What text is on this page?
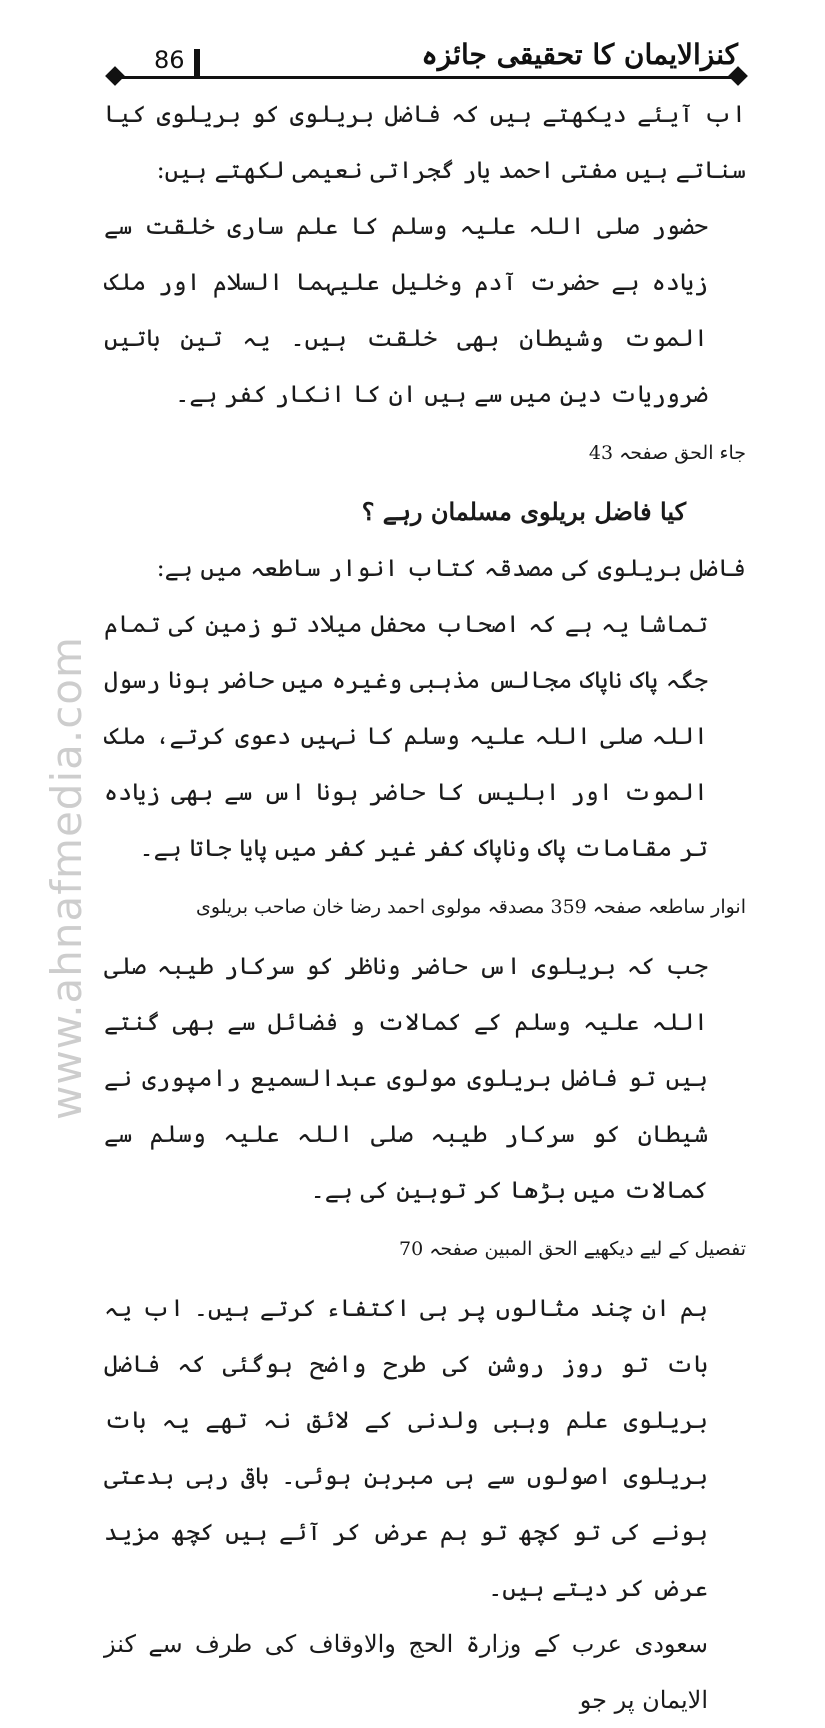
86	کنزالایمان کا تحقیقی جائزہ
www.ahnafmedia.com

اب آیئے دیکھتے ہیں کہ فاضل بریلوی کو بریلوی کیا سناتے ہیں مفتی احمد یار گجراتی نعیمی لکھتے ہیں:

حضور صلی اللہ علیہ وسلم کا علم ساری خلقت سے زیادہ ہے حضرت آدم وخلیل علیہما السلام اور ملک الموت وشیطان بھی خلقت ہیں۔ یہ تین باتیں ضروریات دین میں سے ہیں ان کا انکار کفر ہے۔

جاء الحق صفحہ 43

کیا فاضل بریلوی مسلمان رہے ؟

فاضل بریلوی کی مصدقہ کتاب انوار ساطعہ میں ہے:

تماشا یہ ہے کہ اصحاب محفل میلاد تو زمین کی تمام جگہ پاک ناپاک مجالس مذہبی وغیرہ میں حاضر ہونا رسول اللہ صلی اللہ علیہ وسلم کا نہیں دعوی کرتے، ملک الموت اور ابلیس کا حاضر ہونا اس سے بھی زیادہ تر مقامات پاک وناپاک کفر غیر کفر میں پایا جاتا ہے۔

انوار ساطعہ صفحہ 359 مصدقہ مولوی احمد رضا خان صاحب بریلوی

جب کہ بریلوی اس حاضر وناظر کو سرکار طیبہ صلی اللہ علیہ وسلم کے کمالات و فضائل سے بھی گنتے ہیں تو فاضل بریلوی مولوی عبدالسمیع رامپوری نے شیطان کو سرکار طیبہ صلی اللہ علیہ وسلم سے کمالات میں بڑھا کر توہین کی ہے۔

تفصیل کے لیے دیکھیے الحق المبین صفحہ 70

ہم ان چند مثالوں پر ہی اکتفاء کرتے ہیں۔ اب یہ بات تو روز روشن کی طرح واضح ہوگئی کہ فاضل بریلوی علم وہبی ولدنی کے لائق نہ تھے یہ بات بریلوی اصولوں سے ہی مبرہن ہوئی۔ باقی رہی بدعتی ہونے کی تو کچھ تو ہم عرض کر آئے ہیں کچھ مزید عرض کر دیتے ہیں۔

سعودی عرب کے وزارۃ الحج والاوقاف کی طرف سے کنز الایمان پر جو
